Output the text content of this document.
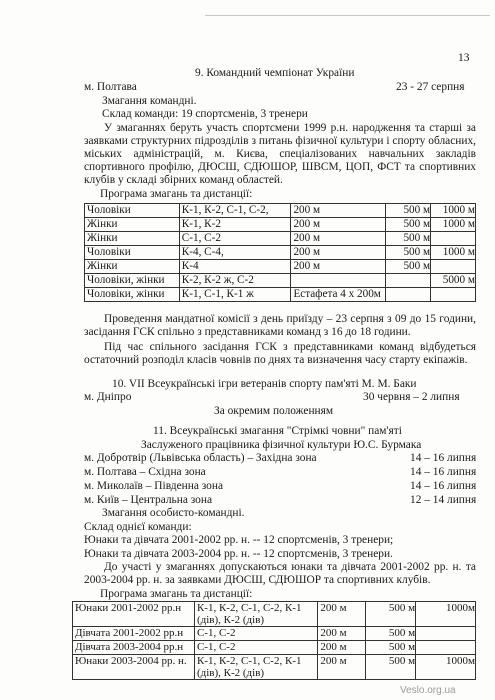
13
9. Командний чемпіонат України
м. Полтава	23 - 27 серпня
Змагання командні.
Склад команди: 19 спортсменів, 3 тренери
У змаганнях беруть участь спортсмени 1999 р.н. народження та старші за заявками структурних підрозділів з питань фізичної культури і спорту обласних, міських адміністрацій, м. Києва, спеціалізованих навчальних закладів спортивного профілю, ДЮСШ, СДЮШОР, ШВСМ, ЦОП, ФСТ та спортивних клубів у складі збірних команд областей.
Програма змагань та дистанції:
Чоловіки	К-1, К-2, С-1, С-2,	200 м	500 м	1000 м
Жінки	К-1, К-2	200 м	500 м	1000 м
Жінки	С-1, С-2	200 м	500 м	
Чоловіки	К-4, С-4,	200 м	500 м	1000 м
Жінки	К-4	200 м	500 м	
Чоловіки, жінки	К-2, К-2 ж, С-2			5000 м
Чоловіки, жінки	К-1, С-1, К-1 ж	Естафета 4 х 200м		
Проведення мандатної комісії з день приїзду – 23 серпня з 09 до 15 години, засідання ГСК спільно з представниками команд з 16 до 18 години.
Під час спільного засідання ГСК з представниками команд відбудеться остаточний розподіл класів човнів по днях та визначення часу старту екіпажів.
10. VII Всеукраїнські ігри ветеранів спорту пам'яті М. М. Баки
м. Дніпро	30 червня – 2 липня
За окремим положенням
11. Всеукраїнські змагання "Стрімкі човни" пам'яті
Заслуженого працівника фізичної культури Ю.С. Бурмака
м. Добротвір (Львівська область) – Західна зона	14 – 16 липня
м. Полтава – Східна зона	14 – 16 липня
м. Миколаїв – Південна зона	14 – 16 липня
м. Київ – Центральна зона	12 – 14 липня
Змагання особисто-командні.
Склад однієї команди:
Юнаки та дівчата 2001-2002 рр. н. -- 12 спортсменів, 3 тренери;
Юнаки та дівчата 2003-2004 рр. н. -- 12 спортсменів, 3 тренери.
До участі у змаганнях допускаються юнаки та дівчата 2001-2002 рр. н. та 2003-2004 рр. н. за заявками ДЮСШ, СДЮШОР та спортивних клубів.
Програма змагань та дистанції:
Юнаки 2001-2002 рр.н	К-1, К-2, С-1, С-2, К-1 (дів), К-2 (дів)	200 м	500 м	1000м
Дівчата 2001-2002 рр.н	С-1, С-2	200 м	500 м	
Дівчата 2003-2004 рр.н	С-1, С-2	200 м	500 м	
Юнаки 2003-2004 рр. н.	К-1, К-2, С-1, С-2, К-1 (дів), К-2 (дів)	200 м	500 м	1000м
Veslo.org.ua
